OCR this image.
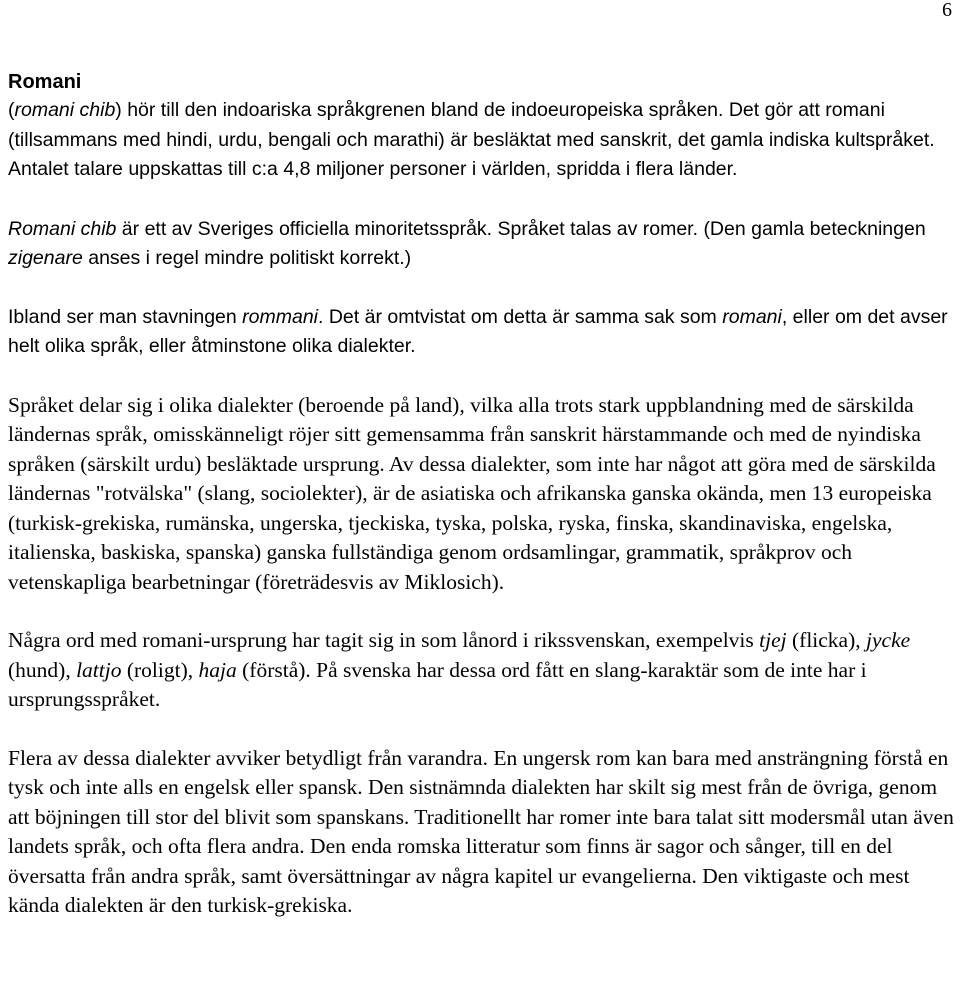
6
Romani

(romani chib) hör till den indoariska språkgrenen bland de indoeuropeiska språken. Det gör att romani (tillsammans med hindi, urdu, bengali och marathi) är besläktat med sanskrit, det gamla indiska kultspråket. Antalet talare uppskattas till c:a 4,8 miljoner personer i världen, spridda i flera länder.

Romani chib är ett av Sveriges officiella minoritetsspråk. Språket talas av romer. (Den gamla beteckningen zigenare anses i regel mindre politiskt korrekt.)

Ibland ser man stavningen rommani. Det är omtvistat om detta är samma sak som romani, eller om det avser helt olika språk, eller åtminstone olika dialekter.

Språket delar sig i olika dialekter (beroende på land), vilka alla trots stark uppblandning med de särskilda ländernas språk, omisskänneligt röjer sitt gemensamma från sanskrit härstammande och med de nyindiska språken (särskilt urdu) besläktade ursprung. Av dessa dialekter, som inte har något att göra med de särskilda ländernas "rotvälska" (slang, sociolekter), är de asiatiska och afrikanska ganska okända, men 13 europeiska (turkisk-grekiska, rumänska, ungerska, tjeckiska, tyska, polska, ryska, finska, skandinaviska, engelska, italienska, baskiska, spanska) ganska fullständiga genom ordsamlingar, grammatik, språkprov och vetenskapliga bearbetningar (företrädesvis av Miklosich).

Några ord med romani-ursprung har tagit sig in som lånord i rikssvenskan, exempelvis tjej (flicka), jycke (hund), lattjo (roligt), haja (förstå). På svenska har dessa ord fått en slang-karaktär som de inte har i ursprungsspråket.

Flera av dessa dialekter avviker betydligt från varandra. En ungersk rom kan bara med ansträngning förstå en tysk och inte alls en engelsk eller spansk. Den sistnämnda dialekten har skilt sig mest från de övriga, genom att böjningen till stor del blivit som spanskans. Traditionellt har romer inte bara talat sitt modersmål utan även landets språk, och ofta flera andra. Den enda romska litteratur som finns är sagor och sånger, till en del översatta från andra språk, samt översättningar av några kapitel ur evangelierna. Den viktigaste och mest kända dialekten är den turkisk-grekiska.
